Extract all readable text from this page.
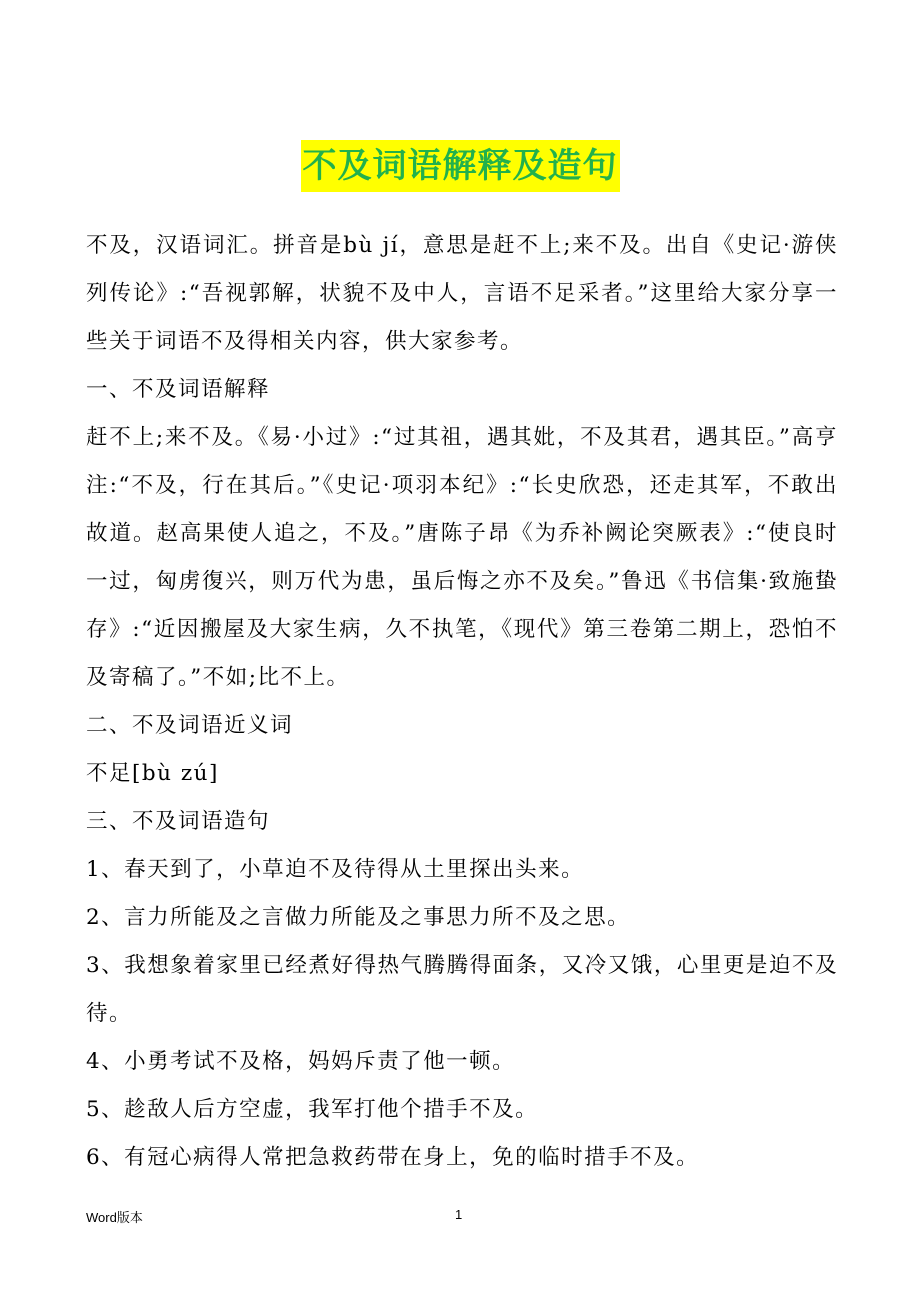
不及词语解释及造句

不及，汉语词汇。拼音是bù jí，意思是赶不上;来不及。出自《史记·游侠列传论》:“吾视郭解，状貌不及中人，言语不足采者。”这里给大家分享一些关于词语不及得相关内容，供大家参考。

一、不及词语解释

赶不上;来不及。《易·小过》:“过其祖，遇其妣，不及其君，遇其臣。”高亨注:“不及，行在其后。”《史记·项羽本纪》:“长史欣恐，还走其军，不敢出故道。赵高果使人追之，不及。”唐陈子昂《为乔补阙论突厥表》:“使良时一过，匈虏復兴，则万代为患，虽后悔之亦不及矣。”鲁迅《书信集·致施蛰存》:“近因搬屋及大家生病，久不执笔，《现代》第三卷第二期上，恐怕不及寄稿了。”不如;比不上。

二、不及词语近义词

不足[bù zú]

三、不及词语造句

1、春天到了，小草迫不及待得从土里探出头来。

2、言力所能及之言做力所能及之事思力所不及之思。

3、我想象着家里已经煮好得热气腾腾得面条，又冷又饿，心里更是迫不及待。

4、小勇考试不及格，妈妈斥责了他一顿。

5、趁敌人后方空虚，我军打他个措手不及。

6、有冠心病得人常把急救药带在身上，免的临时措手不及。

Word版本	1
